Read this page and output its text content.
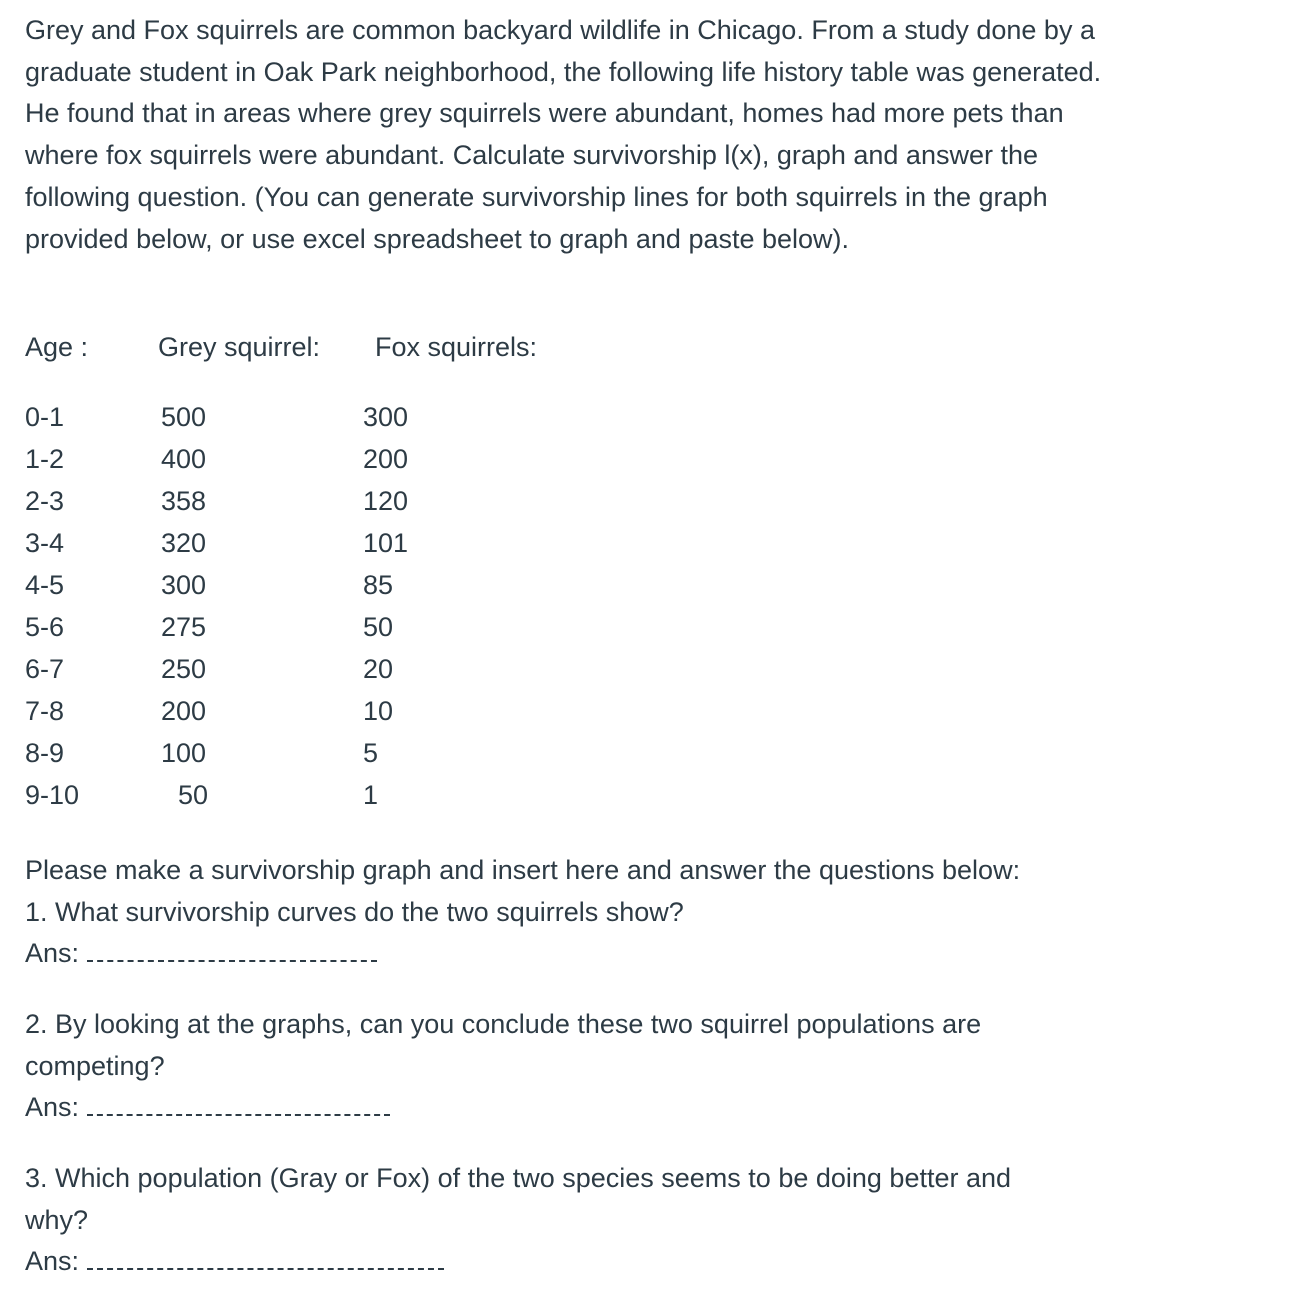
Grey and Fox squirrels are common backyard wildlife in Chicago. From a study done by a graduate student in Oak Park neighborhood, the following life history table was generated. He found that in areas where grey squirrels were abundant, homes had more pets than where fox squirrels were abundant. Calculate survivorship l(x), graph and answer the following question. (You can generate survivorship lines for both squirrels in the graph provided below, or use excel spreadsheet to graph and paste below).

Age :	Grey squirrel: Fox squirrels:
0-1	500	300
1-2	400	200
2-3	358	120
3-4	320	101
4-5	300	85
5-6	275	50
6-7	250	20
7-8	200	10
8-9	100	5
9-10	50	1
Please make a survivorship graph and insert here and answer the questions below:
1. What survivorship curves do the two squirrels show?
Ans:
2. By looking at the graphs, can you conclude these two squirrel populations are
competing?
Ans:
3. Which population (Gray or Fox) of the two species seems to be doing better and
why?
Ans:
